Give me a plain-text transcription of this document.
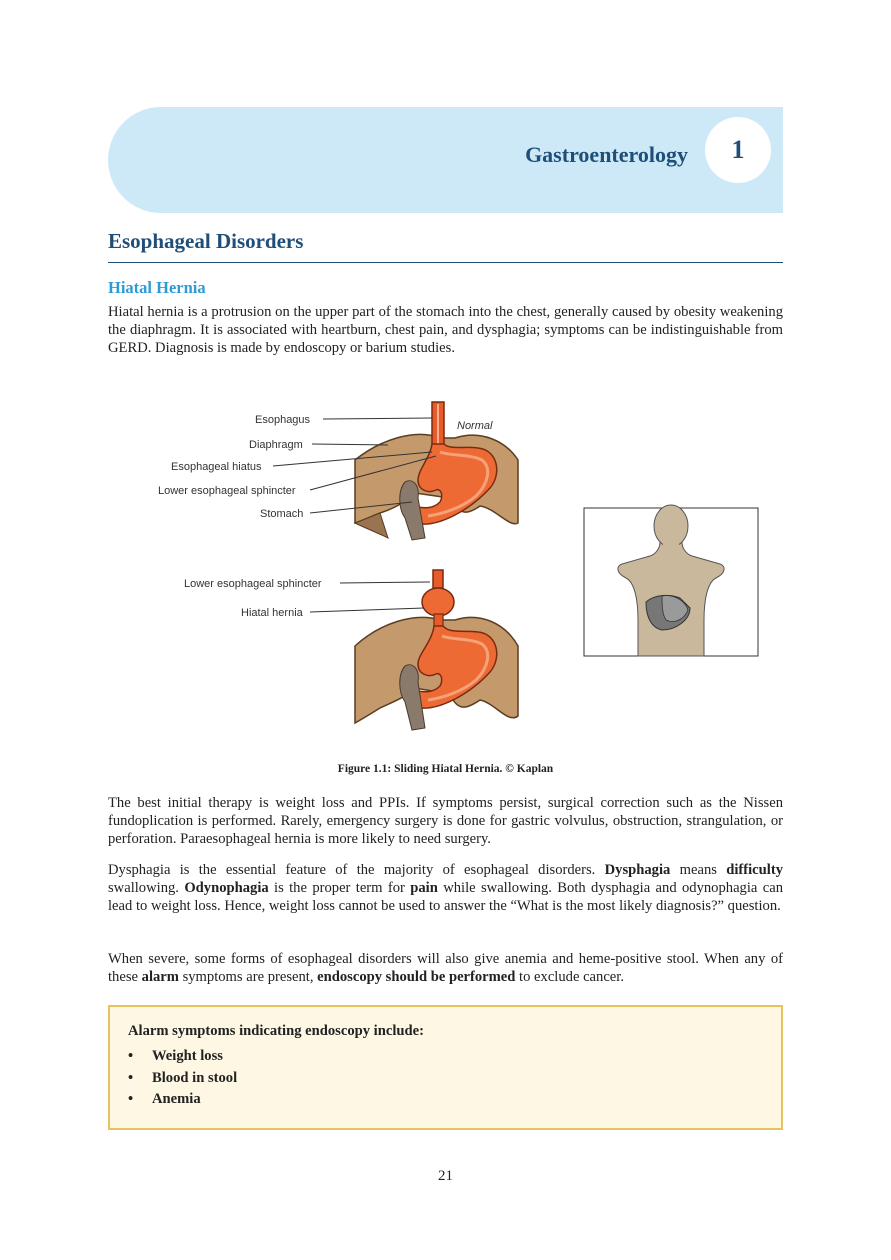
Gastroenterology 1
Esophageal Disorders
Hiatal Hernia

Hiatal hernia is a protrusion on the upper part of the stomach into the chest, generally caused by obesity weakening the diaphragm. It is associated with heartburn, chest pain, and dysphagia; symptoms can be indistinguishable from GERD. Diagnosis is made by endoscopy or barium studies.

Esophagus
Diaphragm
Esophageal hiatus
Lower esophageal sphincter
Stomach
Normal
Lower esophageal sphincter
Hiatal hernia
Figure 1.1: Sliding Hiatal Hernia. © Kaplan

The best initial therapy is weight loss and PPIs. If symptoms persist, surgical correction such as the Nissen fundoplication is performed. Rarely, emergency surgery is done for gastric volvulus, obstruction, strangulation, or perforation. Paraesophageal hernia is more likely to need surgery.

Dysphagia is the essential feature of the majority of esophageal disorders. Dysphagia means difficulty swallowing. Odynophagia is the proper term for pain while swallowing. Both dysphagia and odynophagia can lead to weight loss. Hence, weight loss cannot be used to answer the “What is the most likely diagnosis?” question.

When severe, some forms of esophageal disorders will also give anemia and heme-positive stool. When any of these alarm symptoms are present, endoscopy should be performed to exclude cancer.

Alarm symptoms indicating endoscopy include:

•	Weight loss
•	Blood in stool
•	Anemia
21
